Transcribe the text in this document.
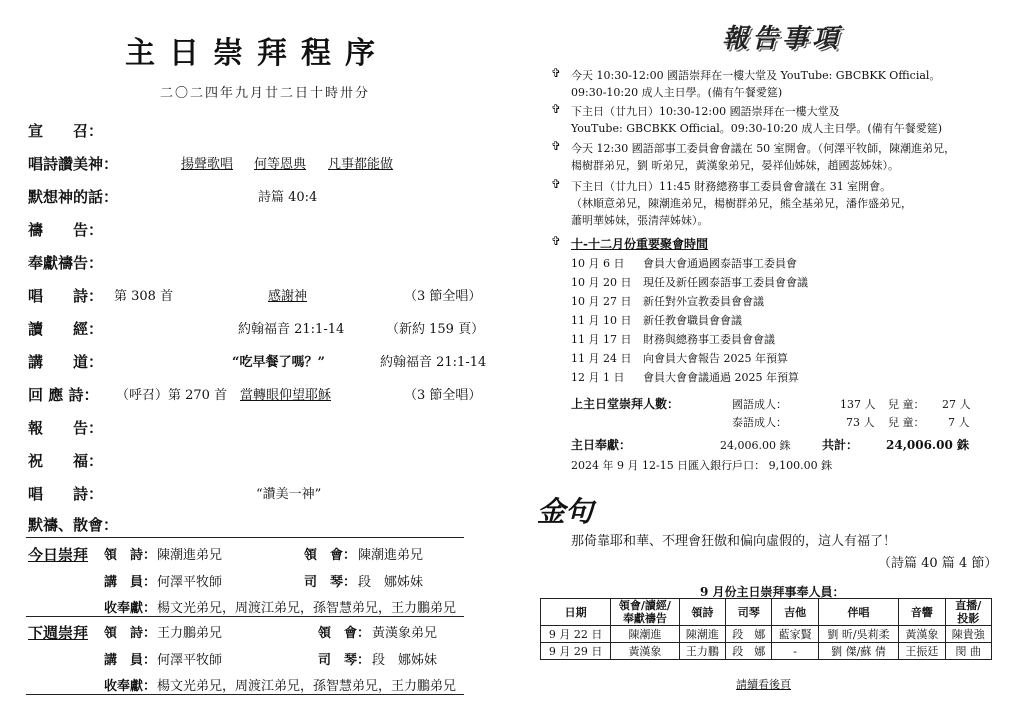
主日崇拜程序
二〇二四年九月廿二日十時卅分
宣　　召：
唱詩讚美神：	揚聲歌唱 何等恩典 凡事都能做
默想神的話：	詩篇 40:4
禱　　告：
奉獻禱告：
唱　　詩： 第 308 首	感謝神	（3 節全唱）
讀　　經：	約翰福音 21:1-14	（新約 159 頁）
講　　道：	“吃早餐了嗎？”	約翰福音 21:1-14
回 應 詩： （呼召）第 270 首 當轉眼仰望耶穌	（3 節全唱）
報　　告：
祝　　福：
唱　　詩：	“讚美一神”
默禱、散會：
今日崇拜 領　詩： 陳潮進弟兄	領　會： 陳潮進弟兄
講　員： 何澤平牧師	司　琴： 段　娜姊妹
收奉獻： 楊文光弟兄，周渡江弟兄，孫智慧弟兄，王力鵬弟兄
下週崇拜 領　詩： 王力鵬弟兄	領　會： 黃漢象弟兄
講　員： 何澤平牧師	司　琴： 段　娜姊妹
收奉獻： 楊文光弟兄，周渡江弟兄，孫智慧弟兄，王力鵬弟兄
報告事項
✞ 今天 10:30-12:00 國語崇拜在一樓大堂及 YouTube: GBCBKK Official。
09:30-10:20 成人主日學。(備有午餐愛筵)
✞ 下主日（廿九日）10:30-12:00 國語崇拜在一樓大堂及
YouTube: GBCBKK Official。09:30-10:20 成人主日學。(備有午餐愛筵)
✞ 今天 12:30 國語部事工委員會會議在 50 室開會。（何澤平牧師，陳潮進弟兄，
楊樹群弟兄，劉 昕弟兄，黃漢象弟兄，晏祥仙姊妹，趙國蕊姊妹）。
✞ 下主日（廿九日）11:45 財務總務事工委員會會議在 31 室開會。
（林順意弟兄，陳潮進弟兄，楊樹群弟兄，熊全基弟兄，潘作盛弟兄，
蕭明華姊妹，張清萍姊妹）。
✞ 十-十二月份重要聚會時間
10 月 6 日 會員大會通過國泰語事工委員會
10 月 20 日 現任及新任國泰語事工委員會會議
10 月 27 日 新任對外宣教委員會會議
11 月 10 日 新任教會職員會會議
11 月 17 日 財務與總務事工委員會會議
11 月 24 日 向會員大會報告 2025 年預算
12 月 1 日 會員大會會議通過 2025 年預算
上主日堂崇拜人數：	國語成人：	137 人 兒 童： 27 人
泰語成人：	73 人 兒 童： 7 人
主日奉獻：	24,006.00 銖	共計： 24,006.00 銖
2024 年 9 月 12-15 日匯入銀行戶口： 9,100.00 銖
金句
那倚靠耶和華、不理會狂傲和偏向虛假的，這人有福了！
（詩篇 40 篇 4 節）
9 月份主日崇拜事奉人員：
日期	領會/讀經/
奉獻禱告	領詩	司琴	吉他	伴唱	音響	直播/
投影
9 月 22 日	陳潮進	陳潮進	段　娜	藍家賢	劉 昕/吳莉柔	黃漢象	陳貴強
9 月 29 日	黃漢象	王力鵬	段　娜	-	劉 傑/蘇 倩	王振廷	閔 曲
請續看後頁
